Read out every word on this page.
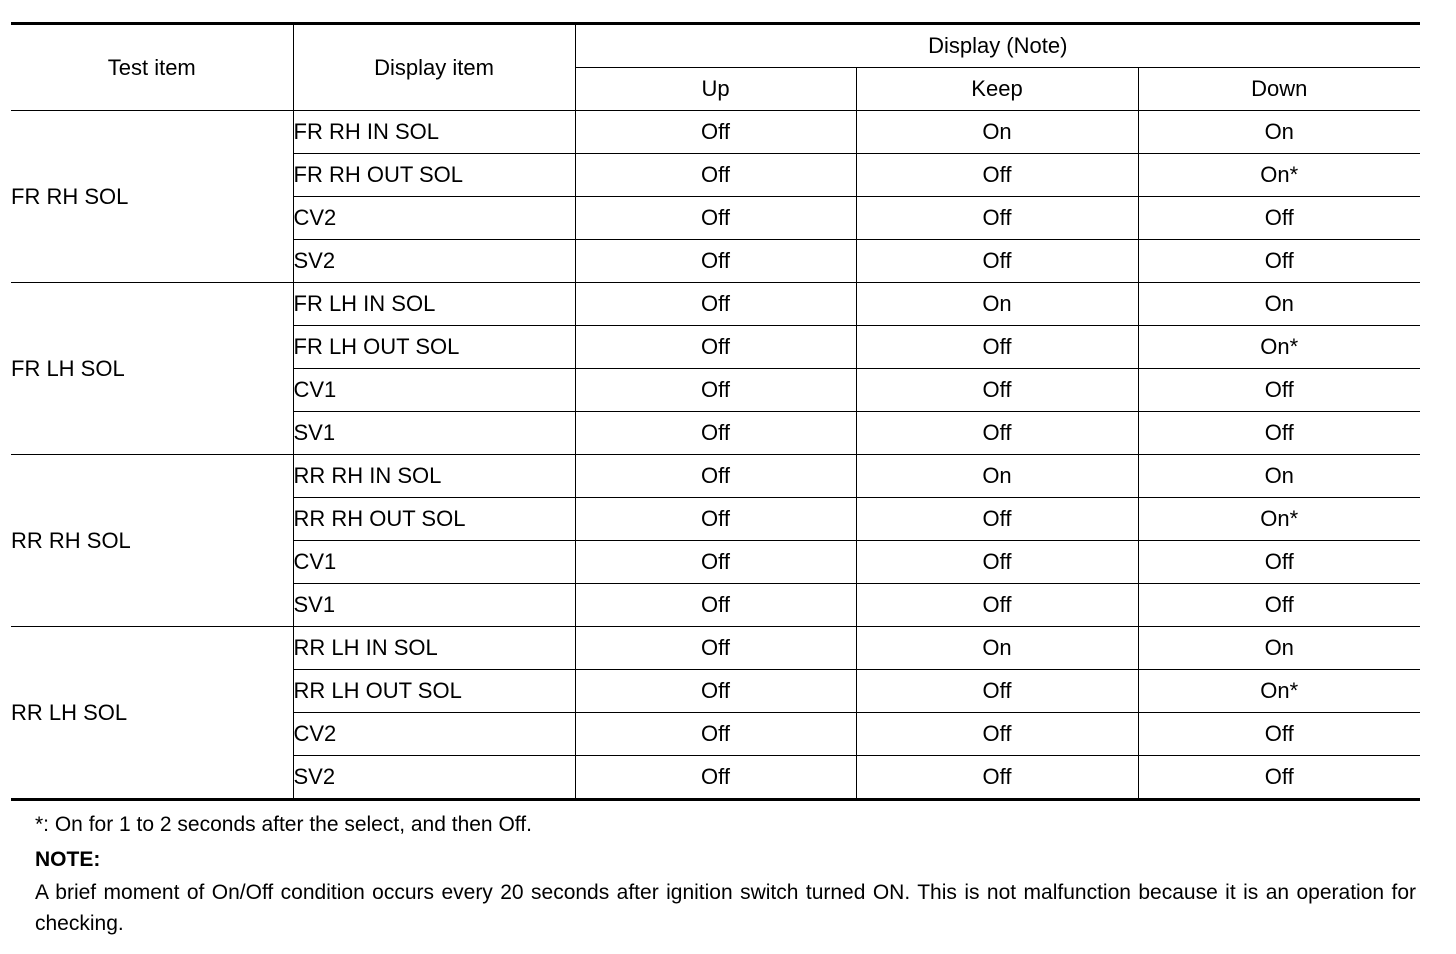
Test item	Display item	Display (Note)		
		Up	Keep	Down
FR RH SOL	FR RH IN SOL	Off	On	On
	FR RH OUT SOL	Off	Off	On*
	CV2	Off	Off	Off
	SV2	Off	Off	Off
FR LH SOL	FR LH IN SOL	Off	On	On
	FR LH OUT SOL	Off	Off	On*
	CV1	Off	Off	Off
	SV1	Off	Off	Off
RR RH SOL	RR RH IN SOL	Off	On	On
	RR RH OUT SOL	Off	Off	On*
	CV1	Off	Off	Off
	SV1	Off	Off	Off
RR LH SOL	RR LH IN SOL	Off	On	On
	RR LH OUT SOL	Off	Off	On*
	CV2	Off	Off	Off
	SV2	Off	Off	Off

*: On for 1 to 2 seconds after the select, and then Off.

NOTE:

A brief moment of On/Off condition occurs every 20 seconds after ignition switch turned ON. This is not malfunction because it is an operation for checking.
